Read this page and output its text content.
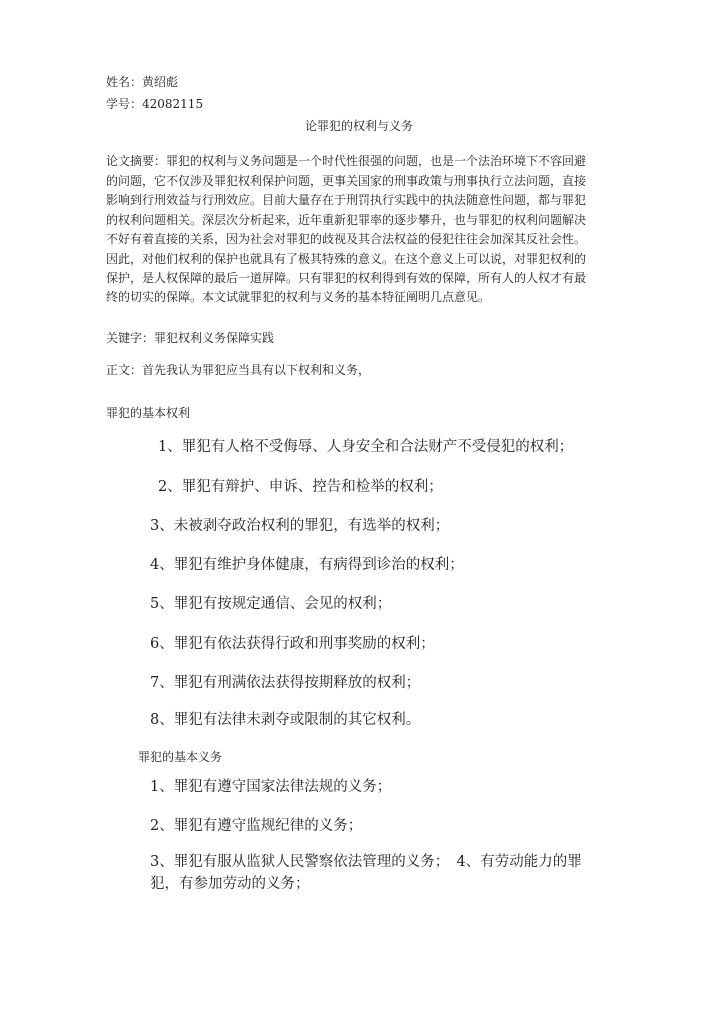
姓名：黄绍彪
学号：42082115
论罪犯的权利与义务
论文摘要：罪犯的权利与义务问题是一个时代性很强的问题，也是一个法治环境下不容回避
的问题，它不仅涉及罪犯权利保护问题，更事关国家的刑事政策与刑事执行立法问题，直接
影响到行刑效益与行刑效应。目前大量存在于刑罚执行实践中的执法随意性问题，都与罪犯
的权利问题相关。深层次分析起来，近年重新犯罪率的逐步攀升，也与罪犯的权利问题解决
不好有着直接的关系，因为社会对罪犯的歧视及其合法权益的侵犯往往会加深其反社会性。
因此，对他们权利的保护也就具有了极其特殊的意义。在这个意义上可以说，对罪犯权利的
保护，是人权保障的最后一道屏障。只有罪犯的权利得到有效的保障，所有人的人权才有最
终的切实的保障。本文试就罪犯的权利与义务的基本特征阐明几点意见。
关键字：罪犯权利义务保障实践
正文：首先我认为罪犯应当具有以下权利和义务，
罪犯的基本权利
1、罪犯有人格不受侮辱、人身安全和合法财产不受侵犯的权利；
2、罪犯有辩护、申诉、控告和检举的权利；
3、未被剥夺政治权利的罪犯，有选举的权利；
4、罪犯有维护身体健康，有病得到诊治的权利；
5、罪犯有按规定通信、会见的权利；
6、罪犯有依法获得行政和刑事奖励的权利；
7、罪犯有刑满依法获得按期释放的权利；
8、罪犯有法律未剥夺或限制的其它权利。
罪犯的基本义务
1、罪犯有遵守国家法律法规的义务；
2、罪犯有遵守监规纪律的义务；
3、罪犯有服从监狱人民警察依法管理的义务；　4、有劳动能力的罪
犯，有参加劳动的义务；
